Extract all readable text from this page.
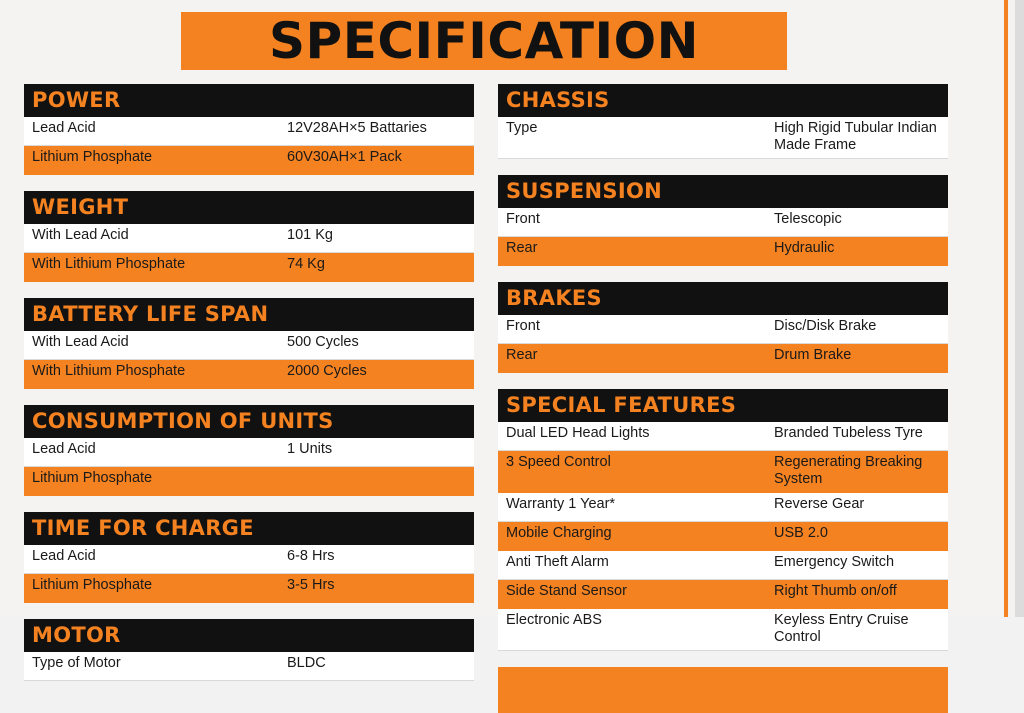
SPECIFICATION
POWER
Lead Acid	12V28AH×5 Battaries
Lithium Phosphate	60V30AH×1 Pack
WEIGHT
With Lead Acid	101 Kg
With Lithium Phosphate	74 Kg
BATTERY LIFE SPAN
With Lead Acid	500 Cycles
With Lithium Phosphate	2000 Cycles
CONSUMPTION OF UNITS
Lead Acid	1 Units
Lithium Phosphate
TIME FOR CHARGE
Lead Acid	6-8 Hrs
Lithium Phosphate	3-5 Hrs
MOTOR
Type of Motor	BLDC
CHASSIS
Type	High Rigid Tubular Indian Made Frame
SUSPENSION
Front	Telescopic
Rear	Hydraulic
BRAKES
Front	Disc/Disk Brake
Rear	Drum Brake
SPECIAL FEATURES
Dual LED Head Lights	Branded Tubeless Tyre
3 Speed Control	Regenerating Breaking System
Warranty 1 Year*	Reverse Gear
Mobile Charging	USB 2.0
Anti Theft Alarm	Emergency Switch
Side Stand Sensor	Right Thumb on/off
Electronic ABS	Keyless Entry Cruise Control
